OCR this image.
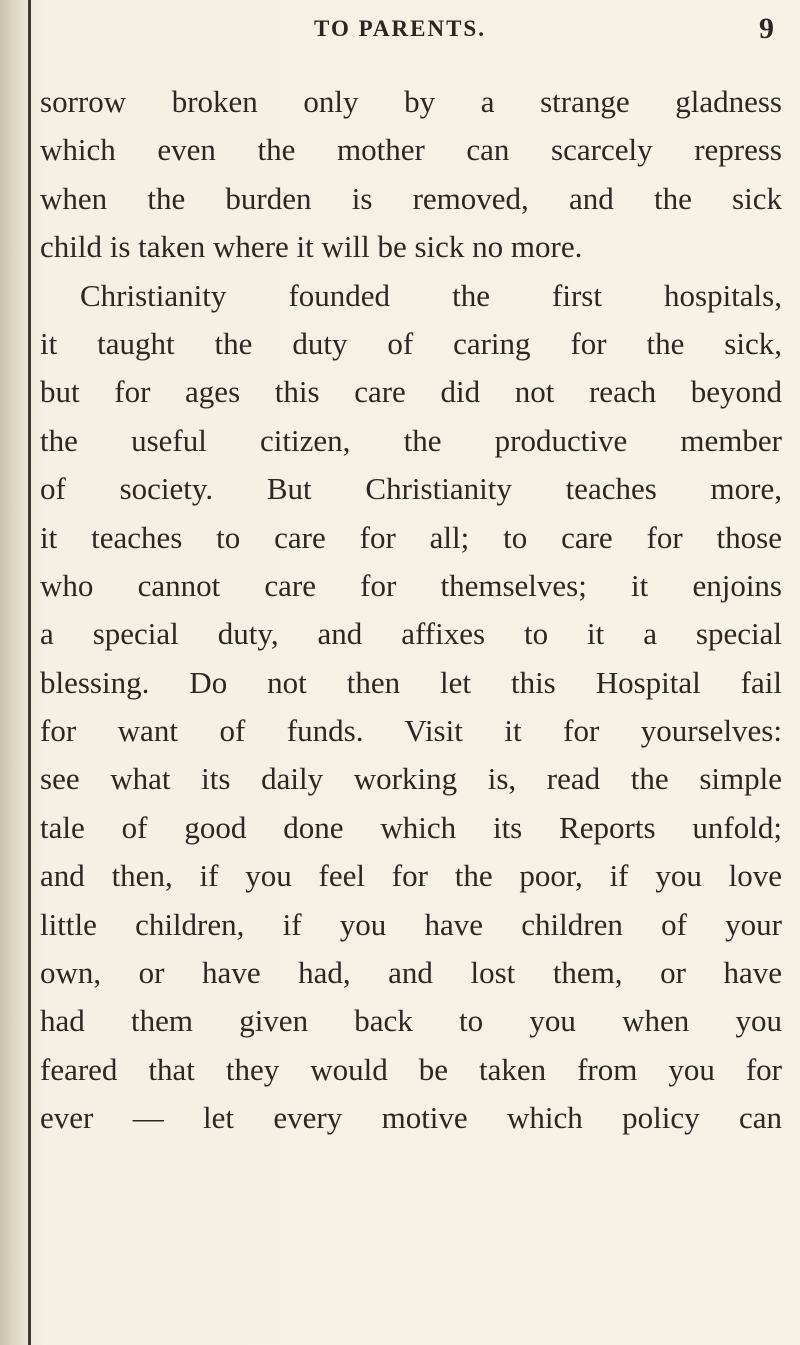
TO PARENTS.	9
sorrow broken only by a strange gladness
which even the mother can scarcely repress
when the burden is removed, and the sick
child is taken where it will be sick no more.
Christianity founded the first hospitals,
it taught the duty of caring for the sick,
but for ages this care did not reach beyond
the useful citizen, the productive member
of society. But Christianity teaches more,
it teaches to care for all; to care for those
who cannot care for themselves; it enjoins
a special duty, and affixes to it a special
blessing. Do not then let this Hospital fail
for want of funds. Visit it for yourselves:
see what its daily working is, read the simple
tale of good done which its Reports unfold;
and then, if you feel for the poor, if you love
little children, if you have children of your
own, or have had, and lost them, or have
had them given back to you when you
feared that they would be taken from you for
ever — let every motive which policy can
